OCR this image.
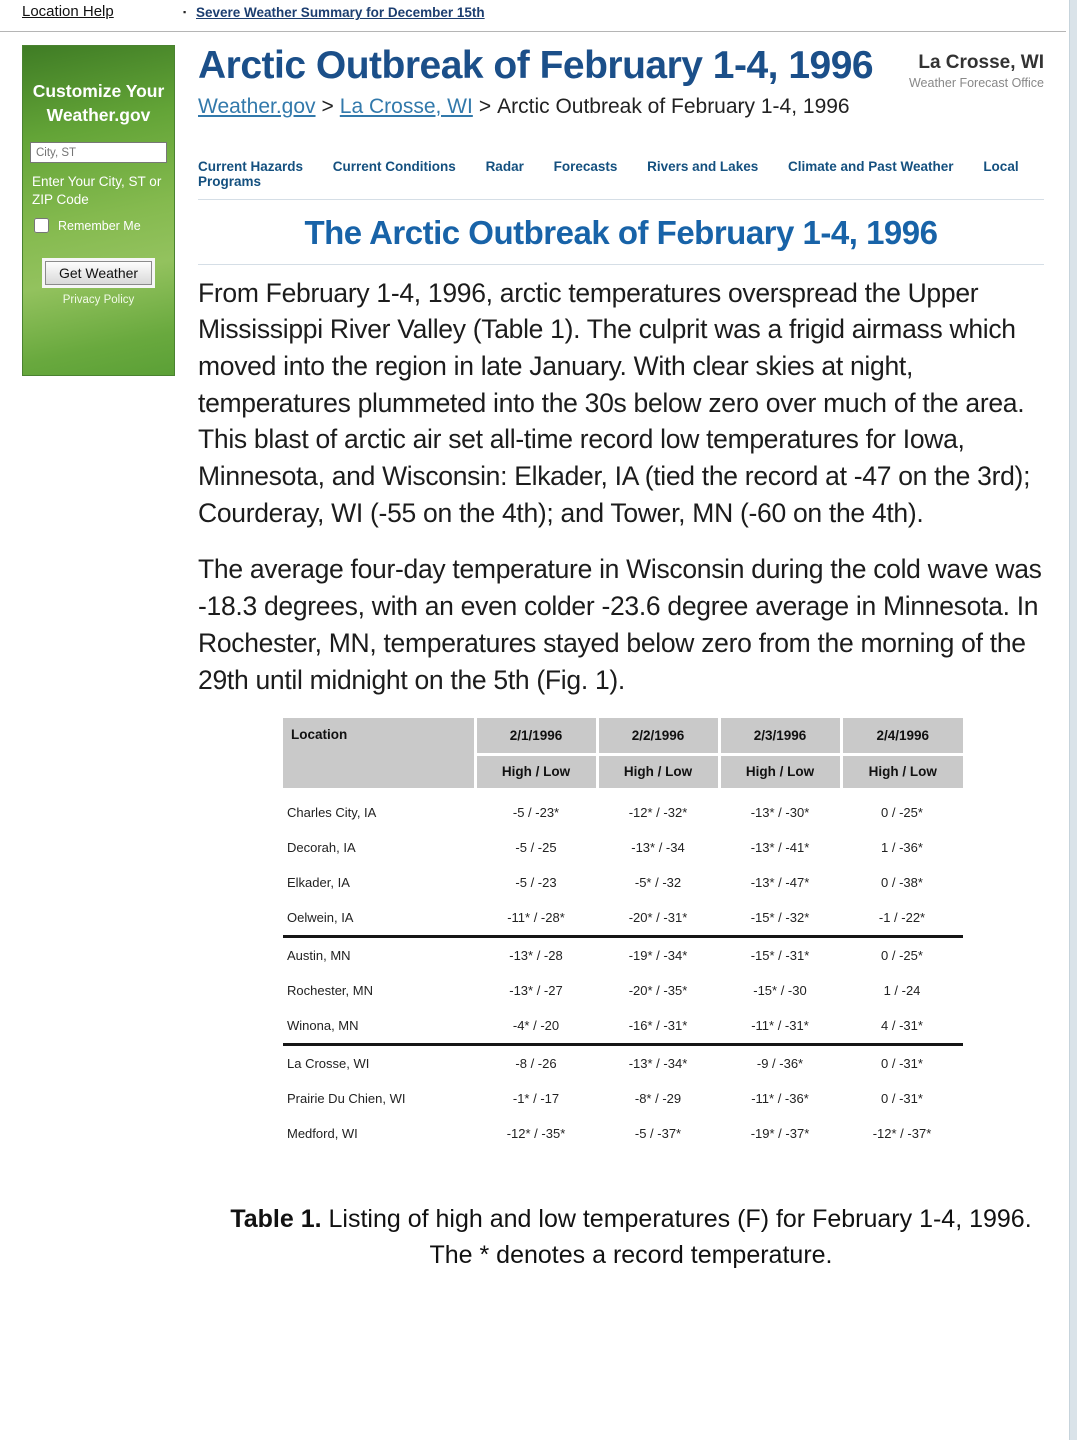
Location Help	▪ Severe Weather Summary for December 15th
Customize Your Weather.gov
City, ST
Enter Your City, ST or ZIP Code
Remember Me
Get Weather
Privacy Policy
Arctic Outbreak of February 1-4, 1996	La Crosse, WI
Weather Forecast Office
Weather.gov > La Crosse, WI > Arctic Outbreak of February 1-4, 1996
Current Hazards Current Conditions Radar Forecasts Rivers and Lakes Climate and Past Weather Local Programs
The Arctic Outbreak of February 1-4, 1996

From February 1-4, 1996, arctic temperatures overspread the Upper Mississippi River Valley (Table 1). The culprit was a frigid airmass which moved into the region in late January. With clear skies at night, temperatures plummeted into the 30s below zero over much of the area. This blast of arctic air set all-time record low temperatures for Iowa, Minnesota, and Wisconsin: Elkader, IA (tied the record at -47 on the 3rd); Courderay, WI (-55 on the 4th); and Tower, MN (-60 on the 4th).

The average four-day temperature in Wisconsin during the cold wave was -18.3 degrees, with an even colder -23.6 degree average in Minnesota. In Rochester, MN, temperatures stayed below zero from the morning of the 29th until midnight on the 5th (Fig. 1).

Location	2/1/1996	2/2/1996	2/3/1996	2/4/1996
	High / Low	High / Low	High / Low	High / Low
Charles City, IA	-5 / -23*	-12* / -32*	-13* / -30*	0 / -25*
Decorah, IA	-5 / -25	-13* / -34	-13* / -41*	1 / -36*
Elkader, IA	-5 / -23	-5* / -32	-13* / -47*	0 / -38*
Oelwein, IA	-11* / -28*	-20* / -31*	-15* / -32*	-1 / -22*
Austin, MN	-13* / -28	-19* / -34*	-15* / -31*	0 / -25*
Rochester, MN	-13* / -27	-20* / -35*	-15* / -30	1 / -24
Winona, MN	-4* / -20	-16* / -31*	-11* / -31*	4 / -31*
La Crosse, WI	-8 / -26	-13* / -34*	-9 / -36*	0 / -31*
Prairie Du Chien, WI	-1* / -17	-8* / -29	-11* / -36*	0 / -31*
Medford, WI	-12* / -35*	-5 / -37*	-19* / -37*	-12* / -37*

Table 1. Listing of high and low temperatures (F) for February 1-4, 1996. The * denotes a record temperature.
